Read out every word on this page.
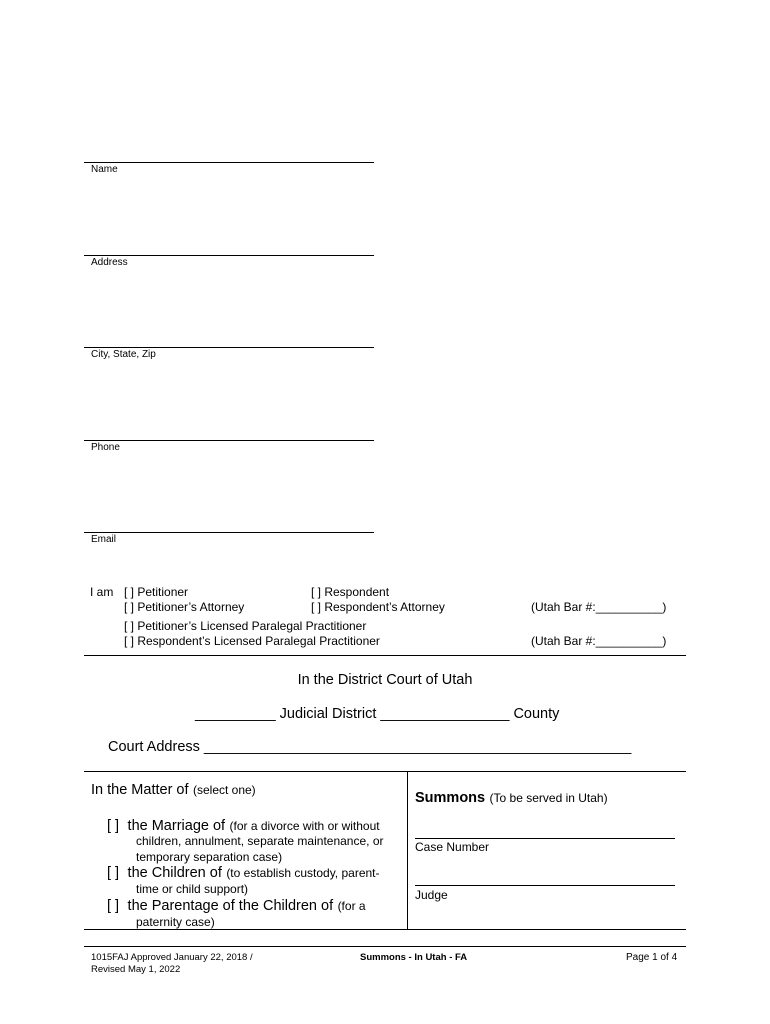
Name
Address
City, State, Zip
Phone
Email
I am [ ] Petitioner	[ ] Respondent
[ ] Petitioner’s Attorney	[ ] Respondent’s Attorney	(Utah Bar #:__________)
[ ] Petitioner’s Licensed Paralegal Practitioner
[ ] Respondent’s Licensed Paralegal Practitioner	(Utah Bar #:__________)
In the District Court of Utah
__________ Judicial District ________________ County
Court Address _____________________________________________________
In the Matter of (select one)
[ ] the Marriage of (for a divorce with or without
children, annulment, separate maintenance, or
temporary separation case)
[ ] the Children of (to establish custody, parent-
time or child support)
[ ] the Parentage of the Children of (for a
paternity case)
Summons (To be served in Utah)
Case Number
Judge
1015FAJ Approved January 22, 2018 /
Revised May 1, 2022
Summons - In Utah - FA	Page 1 of 4
